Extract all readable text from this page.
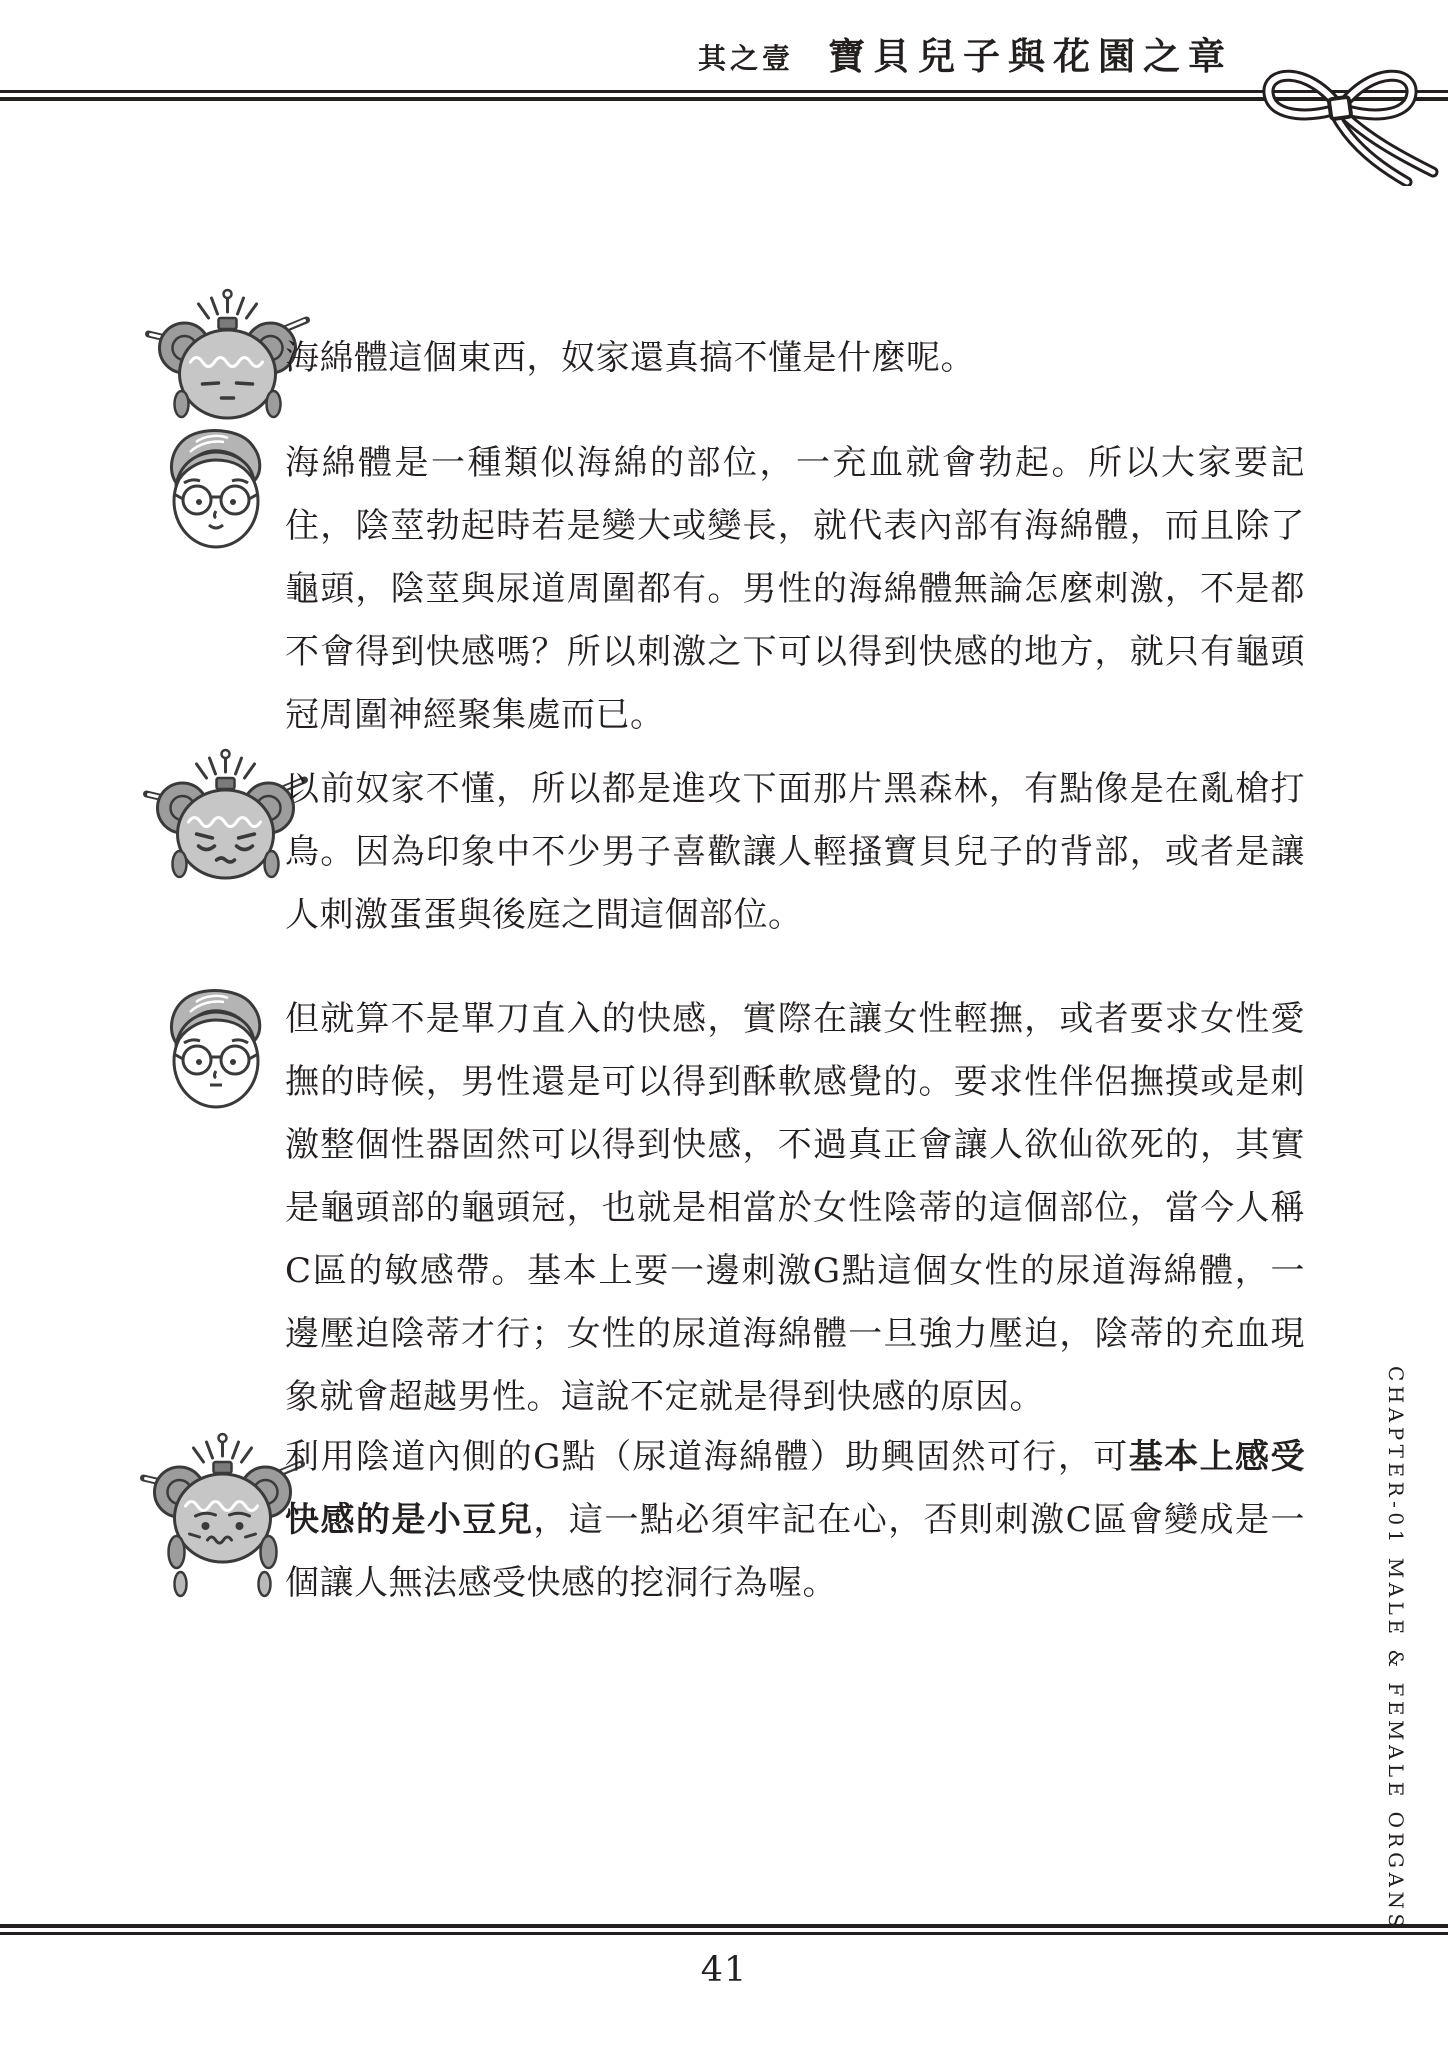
其之壹 寶貝兒子與花園之章

海綿體這個東西，奴家還真搞不懂是什麼呢。

海綿體是一種類似海綿的部位，一充血就會勃起。所以大家要記住，陰莖勃起時若是變大或變長，就代表內部有海綿體，而且除了龜頭，陰莖與尿道周圍都有。男性的海綿體無論怎麼刺激，不是都不會得到快感嗎？所以刺激之下可以得到快感的地方，就只有龜頭冠周圍神經聚集處而已。

以前奴家不懂，所以都是進攻下面那片黑森林，有點像是在亂槍打鳥。因為印象中不少男子喜歡讓人輕搔寶貝兒子的背部，或者是讓人刺激蛋蛋與後庭之間這個部位。

但就算不是單刀直入的快感，實際在讓女性輕撫，或者要求女性愛撫的時候，男性還是可以得到酥軟感覺的。要求性伴侶撫摸或是刺激整個性器固然可以得到快感，不過真正會讓人欲仙欲死的，其實是龜頭部的龜頭冠，也就是相當於女性陰蒂的這個部位，當今人稱C區的敏感帶。基本上要一邊刺激G點這個女性的尿道海綿體，一邊壓迫陰蒂才行；女性的尿道海綿體一旦強力壓迫，陰蒂的充血現象就會超越男性。這說不定就是得到快感的原因。

利用陰道內側的G點（尿道海綿體）助興固然可行，可基本上感受快感的是小豆兒，這一點必須牢記在心，否則刺激C區會變成是一個讓人無法感受快感的挖洞行為喔。	CHAPTER-01 MALE & FEMALE ORGANS
41
